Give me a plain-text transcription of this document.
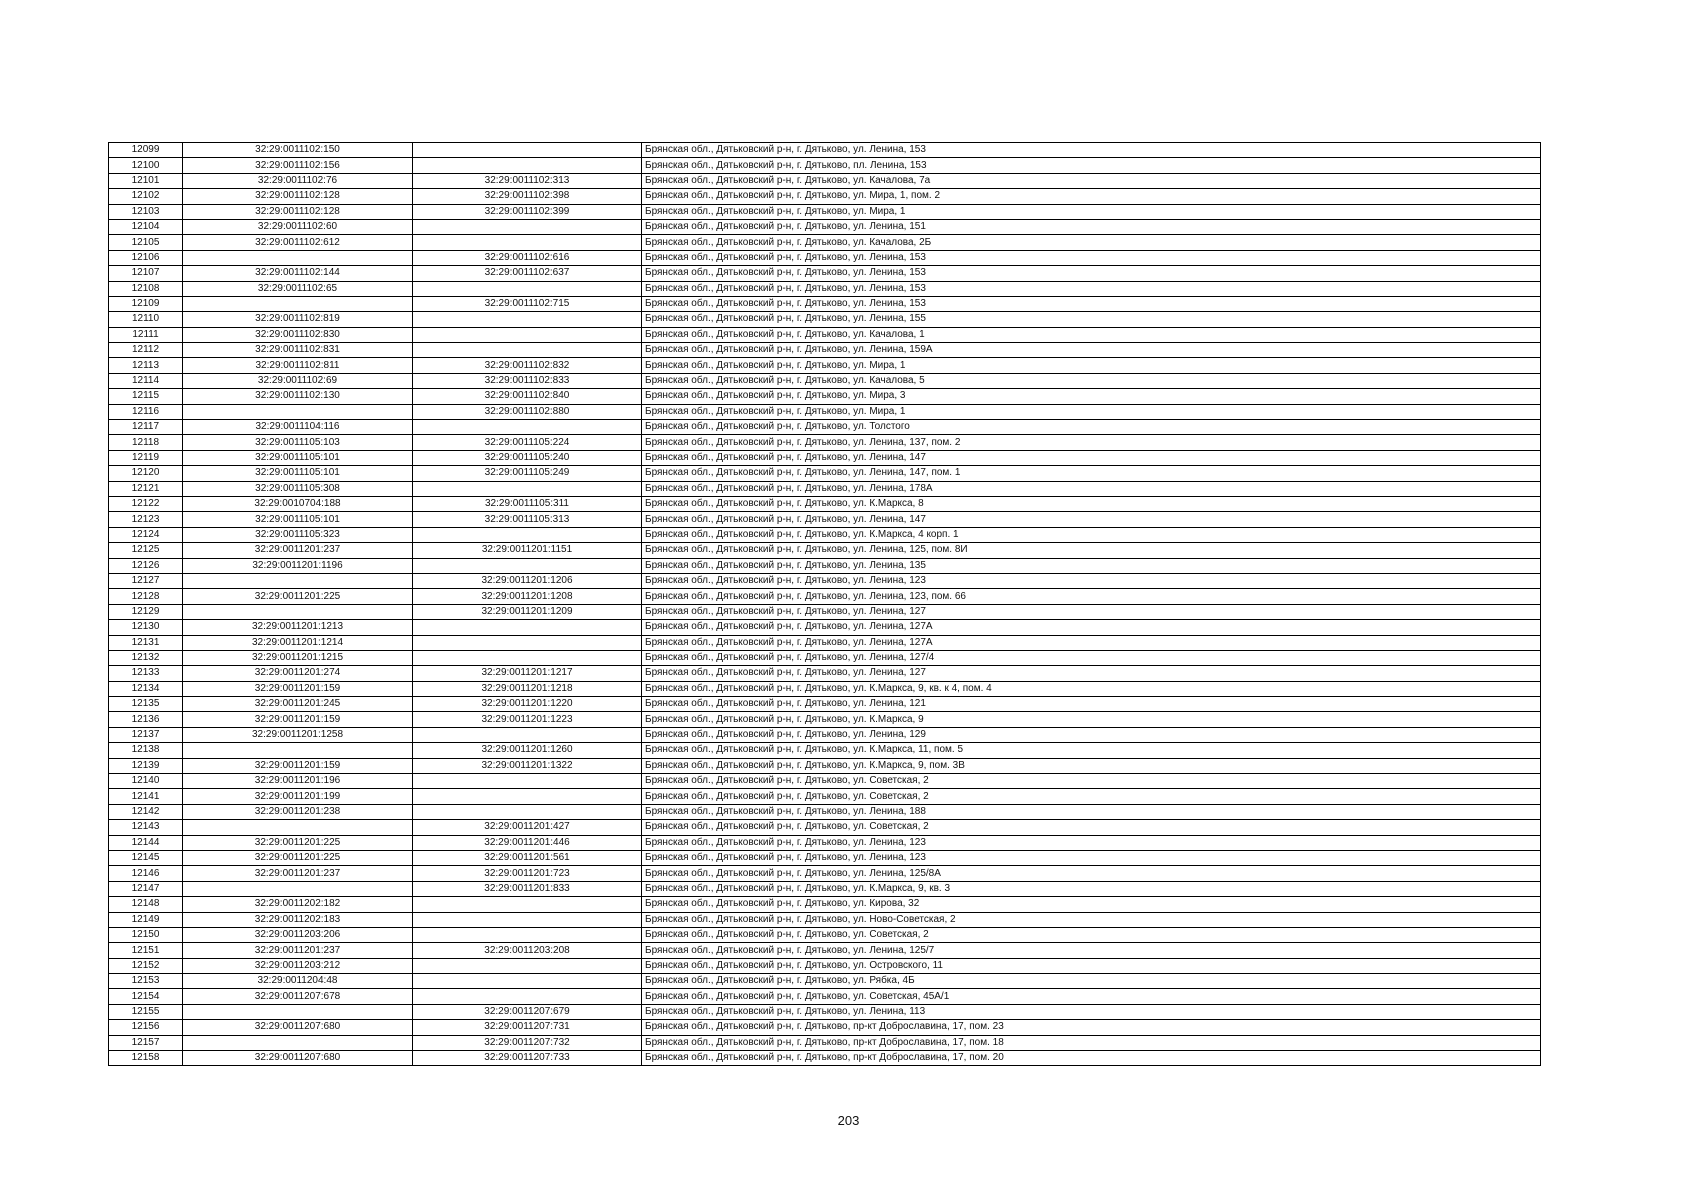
12099	32:29:0011102:150		Брянская обл., Дятьковский р-н, г. Дятьково, ул. Ленина, 153
12100	32:29:0011102:156		Брянская обл., Дятьковский р-н, г. Дятьково, пл. Ленина, 153
12101	32:29:0011102:76	32:29:0011102:313	Брянская обл., Дятьковский р-н, г. Дятьково, ул. Качалова, 7а
12102	32:29:0011102:128	32:29:0011102:398	Брянская обл., Дятьковский р-н, г. Дятьково, ул. Мира, 1, пом. 2
12103	32:29:0011102:128	32:29:0011102:399	Брянская обл., Дятьковский р-н, г. Дятьково, ул. Мира, 1
12104	32:29:0011102:60		Брянская обл., Дятьковский р-н, г. Дятьково, ул. Ленина, 151
12105	32:29:0011102:612		Брянская обл., Дятьковский р-н, г. Дятьково, ул. Качалова, 2Б
12106		32:29:0011102:616	Брянская обл., Дятьковский р-н, г. Дятьково, ул. Ленина, 153
12107	32:29:0011102:144	32:29:0011102:637	Брянская обл., Дятьковский р-н, г. Дятьково, ул. Ленина, 153
12108	32:29:0011102:65		Брянская обл., Дятьковский р-н, г. Дятьково, ул. Ленина, 153
12109		32:29:0011102:715	Брянская обл., Дятьковский р-н, г. Дятьково, ул. Ленина, 153
12110	32:29:0011102:819		Брянская обл., Дятьковский р-н, г. Дятьково, ул. Ленина, 155
12111	32:29:0011102:830		Брянская обл., Дятьковский р-н, г. Дятьково, ул. Качалова, 1
12112	32:29:0011102:831		Брянская обл., Дятьковский р-н, г. Дятьково, ул. Ленина, 159А
12113	32:29:0011102:811	32:29:0011102:832	Брянская обл., Дятьковский р-н, г. Дятьково, ул. Мира, 1
12114	32:29:0011102:69	32:29:0011102:833	Брянская обл., Дятьковский р-н, г. Дятьково, ул. Качалова, 5
12115	32:29:0011102:130	32:29:0011102:840	Брянская обл., Дятьковский р-н, г. Дятьково, ул. Мира, 3
12116		32:29:0011102:880	Брянская обл., Дятьковский р-н, г. Дятьково, ул. Мира, 1
12117	32:29:0011104:116		Брянская обл., Дятьковский р-н, г. Дятьково, ул. Толстого
12118	32:29:0011105:103	32:29:0011105:224	Брянская обл., Дятьковский р-н, г. Дятьково, ул. Ленина, 137, пом. 2
12119	32:29:0011105:101	32:29:0011105:240	Брянская обл., Дятьковский р-н, г. Дятьково, ул. Ленина, 147
12120	32:29:0011105:101	32:29:0011105:249	Брянская обл., Дятьковский р-н, г. Дятьково, ул. Ленина, 147, пом. 1
12121	32:29:0011105:308		Брянская обл., Дятьковский р-н, г. Дятьково, ул. Ленина, 178А
12122	32:29:0010704:188	32:29:0011105:311	Брянская обл., Дятьковский р-н, г. Дятьково, ул. К.Маркса, 8
12123	32:29:0011105:101	32:29:0011105:313	Брянская обл., Дятьковский р-н, г. Дятьково, ул. Ленина, 147
12124	32:29:0011105:323		Брянская обл., Дятьковский р-н, г. Дятьково, ул. К.Маркса, 4 корп. 1
12125	32:29:0011201:237	32:29:0011201:1151	Брянская обл., Дятьковский р-н, г. Дятьково, ул. Ленина, 125, пом. 8И
12126	32:29:0011201:1196		Брянская обл., Дятьковский р-н, г. Дятьково, ул. Ленина, 135
12127		32:29:0011201:1206	Брянская обл., Дятьковский р-н, г. Дятьково, ул. Ленина, 123
12128	32:29:0011201:225	32:29:0011201:1208	Брянская обл., Дятьковский р-н, г. Дятьково, ул. Ленина, 123, пом. 66
12129		32:29:0011201:1209	Брянская обл., Дятьковский р-н, г. Дятьково, ул. Ленина, 127
12130	32:29:0011201:1213		Брянская обл., Дятьковский р-н, г. Дятьково, ул. Ленина, 127А
12131	32:29:0011201:1214		Брянская обл., Дятьковский р-н, г. Дятьково, ул. Ленина, 127А
12132	32:29:0011201:1215		Брянская обл., Дятьковский р-н, г. Дятьково, ул. Ленина, 127/4
12133	32:29:0011201:274	32:29:0011201:1217	Брянская обл., Дятьковский р-н, г. Дятьково, ул. Ленина, 127
12134	32:29:0011201:159	32:29:0011201:1218	Брянская обл., Дятьковский р-н, г. Дятьково, ул. К.Маркса, 9, кв. к 4, пом. 4
12135	32:29:0011201:245	32:29:0011201:1220	Брянская обл., Дятьковский р-н, г. Дятьково, ул. Ленина, 121
12136	32:29:0011201:159	32:29:0011201:1223	Брянская обл., Дятьковский р-н, г. Дятьково, ул. К.Маркса, 9
12137	32:29:0011201:1258		Брянская обл., Дятьковский р-н, г. Дятьково, ул. Ленина, 129
12138		32:29:0011201:1260	Брянская обл., Дятьковский р-н, г. Дятьково, ул. К.Маркса, 11, пом. 5
12139	32:29:0011201:159	32:29:0011201:1322	Брянская обл., Дятьковский р-н, г. Дятьково, ул. К.Маркса, 9, пом. 3В
12140	32:29:0011201:196		Брянская обл., Дятьковский р-н, г. Дятьково, ул. Советская, 2
12141	32:29:0011201:199		Брянская обл., Дятьковский р-н, г. Дятьково, ул. Советская, 2
12142	32:29:0011201:238		Брянская обл., Дятьковский р-н, г. Дятьково, ул. Ленина, 188
12143		32:29:0011201:427	Брянская обл., Дятьковский р-н, г. Дятьково, ул. Советская, 2
12144	32:29:0011201:225	32:29:0011201:446	Брянская обл., Дятьковский р-н, г. Дятьково, ул. Ленина, 123
12145	32:29:0011201:225	32:29:0011201:561	Брянская обл., Дятьковский р-н, г. Дятьково, ул. Ленина, 123
12146	32:29:0011201:237	32:29:0011201:723	Брянская обл., Дятьковский р-н, г. Дятьково, ул. Ленина, 125/8А
12147		32:29:0011201:833	Брянская обл., Дятьковский р-н, г. Дятьково, ул. К.Маркса, 9, кв. 3
12148	32:29:0011202:182		Брянская обл., Дятьковский р-н, г. Дятьково, ул. Кирова, 32
12149	32:29:0011202:183		Брянская обл., Дятьковский р-н, г. Дятьково, ул. Ново-Советская, 2
12150	32:29:0011203:206		Брянская обл., Дятьковский р-н, г. Дятьково, ул. Советская, 2
12151	32:29:0011201:237	32:29:0011203:208	Брянская обл., Дятьковский р-н, г. Дятьково, ул. Ленина, 125/7
12152	32:29:0011203:212		Брянская обл., Дятьковский р-н, г. Дятьково, ул. Островского, 11
12153	32:29:0011204:48		Брянская обл., Дятьковский р-н, г. Дятьково, ул. Рябка, 4Б
12154	32:29:0011207:678		Брянская обл., Дятьковский р-н, г. Дятьково, ул. Советская, 45А/1
12155		32:29:0011207:679	Брянская обл., Дятьковский р-н, г. Дятьково, ул. Ленина, 113
12156	32:29:0011207:680	32:29:0011207:731	Брянская обл., Дятьковский р-н, г. Дятьково, пр-кт Доброславина, 17, пом. 23
12157		32:29:0011207:732	Брянская обл., Дятьковский р-н, г. Дятьково, пр-кт Доброславина, 17, пом. 18
12158	32:29:0011207:680	32:29:0011207:733	Брянская обл., Дятьковский р-н, г. Дятьково, пр-кт Доброславина, 17, пом. 20
203
